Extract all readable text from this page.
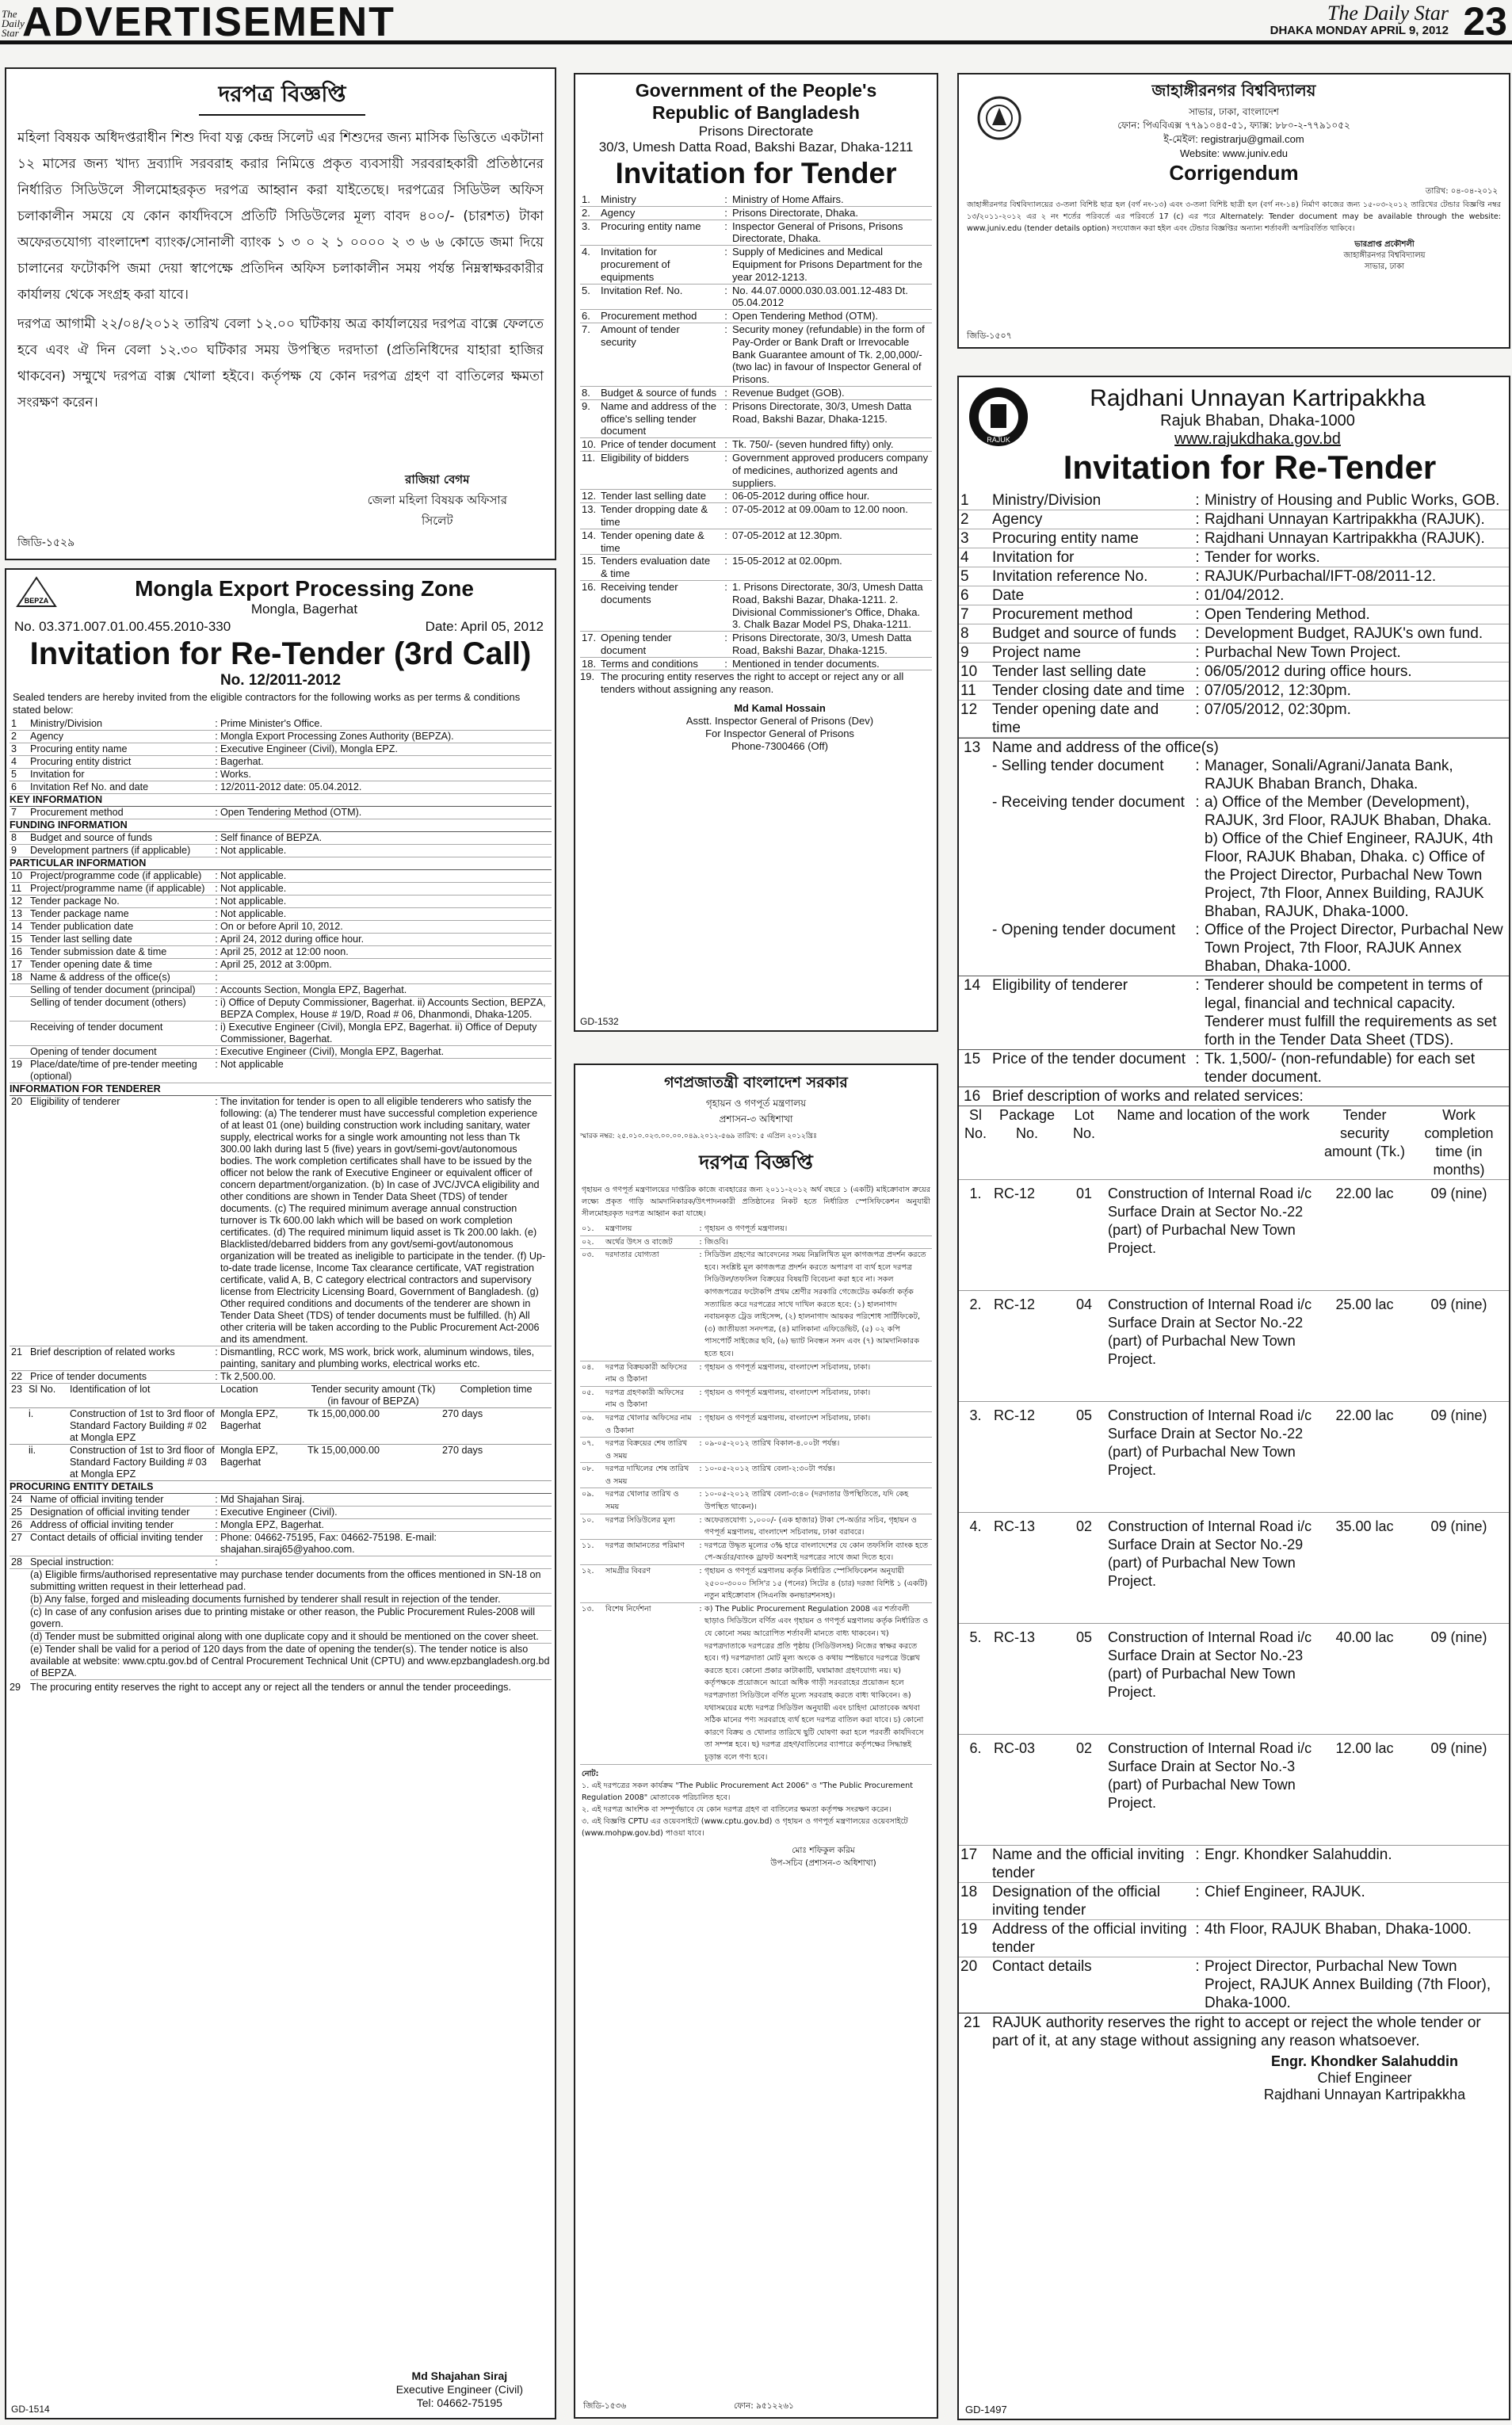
The Daily Star ADVERTISEMENT	The Daily Star
DHAKA MONDAY APRIL 9, 2012 23
দরপত্র বিজ্ঞপ্তি

মহিলা বিষয়ক অধিদপ্তরাধীন শিশু দিবা যত্ন কেন্দ্র সিলেট এর শিশুদের জন্য মাসিক ভিত্তিতে একটানা ১২ মাসের জন্য খাদ্য দ্রব্যাদি সরবরাহ করার নিমিত্তে প্রকৃত ব্যবসায়ী সরবরাহকারী প্রতিষ্ঠানের নির্ধারিত সিডিউলে সীলমোহরকৃত দরপত্র আহ্বান করা যাইতেছে। দরপত্রের সিডিউল অফিস চলাকালীন সময়ে যে কোন কার্যদিবসে প্রতিটি সিডিউলের মূল্য বাবদ ৪০০/- (চারশত) টাকা অফেরতযোগ্য বাংলাদেশ ব্যাংক/সোনালী ব্যাংক ১ ৩ ০ ২ ১ ০০০০ ২ ৩ ৬ ৬ কোডে জমা দিয়ে চালানের ফটোকপি জমা দেয়া স্বাপেক্ষে প্রতিদিন অফিস চলাকালীন সময় পর্যন্ত নিম্নস্বাক্ষরকারীর কার্যালয় থেকে সংগ্রহ করা যাবে।

দরপত্র আগামী ২২/০৪/২০১২ তারিখ বেলা ১২.০০ ঘটিকায় অত্র কার্যালয়ের দরপত্র বাক্সে ফেলতে হবে এবং ঐ দিন বেলা ১২.৩০ ঘটিকার সময় উপস্থিত দরদাতা (প্রতিনিধিদের যাহারা হাজির থাকবেন) সম্মুখে দরপত্র বাক্স খোলা হইবে। কর্তৃপক্ষ যে কোন দরপত্র গ্রহণ বা বাতিলের ক্ষমতা সংরক্ষণ করেন।

রাজিয়া বেগম
জেলা মহিলা বিষয়ক অফিসার
সিলেট
জিডি-১৫২৯
BEPZA	Mongla Export Processing Zone
Mongla, Bagerhat
No. 03.371.007.01.00.455.2010-330	Date: April 05, 2012
Invitation for Re-Tender (3rd Call)
No. 12/2011-2012
Sealed tenders are hereby invited from the eligible contractors for the following works as per terms & conditions stated below:
1	Ministry/Division	: Prime Minister's Office.
2	Agency	: Mongla Export Processing Zones Authority (BEPZA).
3	Procuring entity name	: Executive Engineer (Civil), Mongla EPZ.
4	Procuring entity district	: Bagerhat.
5	Invitation for	: Works.
6	Invitation Ref No. and date	: 12/2011-2012 date: 05.04.2012.
KEY INFORMATION
7	Procurement method	: Open Tendering Method (OTM).
FUNDING INFORMATION
8	Budget and source of funds	: Self finance of BEPZA.
9	Development partners (if applicable)	: Not applicable.
PARTICULAR INFORMATION
10 Project/programme code (if applicable)	: Not applicable.
11 Project/programme name (if applicable)	: Not applicable.
12 Tender package No.	: Not applicable.
13 Tender package name	: Not applicable.
14 Tender publication date	: On or before April 10, 2012.
15 Tender last selling date	: April 24, 2012 during office hour.
16 Tender submission date & time	: April 25, 2012 at 12:00 noon.
17 Tender opening date & time	: April 25, 2012 at 3:00pm.
18 Name & address of the office(s)	:
Selling of tender document (principal)	: Accounts Section, Mongla EPZ, Bagerhat.
Selling of tender document (others)	: i) Office of Deputy Commissioner, Bagerhat. ii) Accounts Section, BEPZA, BEPZA Complex, House # 19/D, Road # 06, Dhanmondi, Dhaka-1205.
Receiving of tender document	: i) Executive Engineer (Civil), Mongla EPZ, Bagerhat. ii) Office of Deputy Commissioner, Bagerhat.
Opening of tender document	: Executive Engineer (Civil), Mongla EPZ, Bagerhat.
19 Place/date/time of pre-tender meeting (optional)
: Not applicable
INFORMATION FOR TENDERER
20 Eligibility of tenderer	: The invitation for tender is open to all eligible tenderers who satisfy the following: (a) The tenderer must have successful completion experience of at least 01 (one) building construction work including sanitary, water supply, electrical works for a single work amounting not less than Tk 300.00 lakh during last 5 (five) years in govt/semi-govt/autonomous bodies. The work completion certificates shall have to be issued by the officer not below the rank of Executive Engineer or equivalent officer of concern department/organization. (b) In case of JVC/JVCA eligibility and other conditions are shown in Tender Data Sheet (TDS) of tender documents. (c) The required minimum average annual construction turnover is Tk 600.00 lakh which will be based on work completion certificates. (d) The required minimum liquid asset is Tk 200.00 lakh. (e) Blacklisted/debarred bidders from any govt/semi-govt/autonomous organization will be treated as ineligible to participate in the tender. (f) Up-to-date trade license, Income Tax clearance certificate, VAT registration certificate, valid A, B, C category electrical contractors and supervisory license from Electricity Licensing Board, Government of Bangladesh. (g) Other required conditions and documents of the tenderer are shown in Tender Data Sheet (TDS) of tender documents must be fulfilled. (h) All other criteria will be taken according to the Public Procurement Act-2006 and its amendment.
21 Brief description of related works	: Dismantling, RCC work, MS work, brick work, aluminum windows, tiles, painting, sanitary and plumbing works, electrical works etc.
22 Price of tender documents	: Tk 2,500.00.
23	Sl No.	Identification of lot	Location	Tender security amount (Tk) (in favour of BEPZA)	Completion time
	i.	Construction of 1st to 3rd floor of Standard Factory Building # 02 at Mongla EPZ	Mongla EPZ, Bagerhat	Tk 15,00,000.00	270 days
	ii.	Construction of 1st to 3rd floor of Standard Factory Building # 03 at Mongla EPZ	Mongla EPZ, Bagerhat	Tk 15,00,000.00	270 days
PROCURING ENTITY DETAILS
24 Name of official inviting tender	: Md Shajahan Siraj.
25 Designation of official inviting tender	: Executive Engineer (Civil).
26 Address of official inviting tender	: Mongla EPZ, Bagerhat.
27 Contact details of official inviting tender	: Phone: 04662-75195, Fax: 04662-75198. E-mail: shajahan.siraj65@yahoo.com.
28 Special instruction:	:
(a) Eligible firms/authorised representative may purchase tender documents from the offices mentioned in SN-18 on submitting written request in their letterhead pad.
(b) Any false, forged and misleading documents furnished by tenderer shall result in rejection of the tender.
(c) In case of any confusion arises due to printing mistake or other reason, the Public Procurement Rules-2008 will govern.
(d) Tender must be submitted original along with one duplicate copy and it should be mentioned on the cover sheet.
(e) Tender shall be valid for a period of 120 days from the date of opening the tender(s). The tender notice is also available at website: www.cptu.gov.bd of Central Procurement Technical Unit (CPTU) and www.epzbangladesh.org.bd of BEPZA.
29 The procuring entity reserves the right to accept any or reject all the tenders or annul the tender proceedings.
Md Shajahan Siraj
Executive Engineer (Civil)
Tel: 04662-75195
GD-1514
Government of the People's Republic of Bangladesh
Prisons Directorate
30/3, Umesh Datta Road, Bakshi Bazar, Dhaka-1211
Invitation for Tender
1.	Ministry	: Ministry of Home Affairs.
2.	Agency	: Prisons Directorate, Dhaka.
3.	Procuring entity name	: Inspector General of Prisons, Prisons Directorate, Dhaka.
4.	Invitation for procurement of equipments
: Supply of Medicines and Medical Equipment for Prisons Department for the year 2012-1213.
5.	Invitation Ref. No.	: No. 44.07.0000.030.03.001.12-483 Dt. 05.04.2012
6.	Procurement method	: Open Tendering Method (OTM).
7.	Amount of tender security
: Security money (refundable) in the form of Pay-Order or Bank Draft or Irrevocable Bank Guarantee amount of Tk. 2,00,000/- (two lac) in favour of Inspector General of Prisons.
8.	Budget & source of funds : Revenue Budget (GOB).
9.	Name and address of the office's selling tender document
: Prisons Directorate, 30/3, Umesh Datta Road, Bakshi Bazar, Dhaka-1215.
10. Price of tender document : Tk. 750/- (seven hundred fifty) only.
11. Eligibility of bidders	: Government approved producers company of medicines, authorized agents and suppliers.
12. Tender last selling date	: 06-05-2012 during office hour.
13. Tender dropping date & time
: 07-05-2012 at 09.00am to 12.00 noon.
14. Tender opening date & time
: 07-05-2012 at 12.30pm.
15. Tenders evaluation date & time
: 15-05-2012 at 02.00pm.
16. Receiving tender documents
: 1. Prisons Directorate, 30/3, Umesh Datta Road, Bakshi Bazar, Dhaka-1211. 2. Divisional Commissioner's Office, Dhaka. 3. Chalk Bazar Model PS, Dhaka-1211.
17. Opening tender document
: Prisons Directorate, 30/3, Umesh Datta Road, Bakshi Bazar, Dhaka-1215.
18. Terms and conditions	: Mentioned in tender documents.
19. The procuring entity reserves the right to accept or reject any or all tenders without assigning any reason.
Md Kamal Hossain
Asstt. Inspector General of Prisons (Dev)
For Inspector General of Prisons
Phone-7300466 (Off)
GD-1532
গণপ্রজাতন্ত্রী বাংলাদেশ সরকার
গৃহায়ন ও গণপূর্ত মন্ত্রণালয়
প্রশাসন-৩ অধিশাখা
স্মারক নম্বর: ২৫.০১০.০২৩.০০.০০.০৪৯.২০১২-৫৬৯ তারিখ: ৫ এপ্রিল ২০১২খ্রিঃ
দরপত্র বিজ্ঞপ্তি
গৃহায়ন ও গণপূর্ত মন্ত্রণালয়ের দাপ্তরিক কাজে ব্যবহারের জন্য ২০১১-২০১২ অর্থ বছরে ১ (একটি) মাইক্রোবাস ক্রয়ের লক্ষ্যে প্রকৃত গাড়ি আমদানিকারক/উৎপাদনকারী প্রতিষ্ঠানের নিকট হতে নির্ধারিত স্পেসিফিকেশন অনুযায়ী সীলমোহরকৃত দরপত্র আহ্বান করা যাচ্ছে।
০১.	মন্ত্রণালয়	: গৃহায়ন ও গণপূর্ত মন্ত্রণালয়।
০২.	অর্থের উৎস ও বাজেট	: জিওবি।
০৩.	দরদাতার যোগ্যতা	: সিডিউল গ্রহণের আবেদনের সময় নিম্নলিখিত মূল কাগজপত্র প্রদর্শন করতে হবে। সংশ্লিষ্ট মূল কাগজপত্র প্রদর্শন করতে অপারগ বা ব্যর্থ হলে দরপত্র সিডিউল/তফসিল বিক্রয়ের বিষয়টি বিবেচনা করা হবে না। সকল কাগজপত্রের ফটোকপি প্রথম শ্রেণীর সরকারি গেজেটেড কর্মকর্তা কর্তৃক সত্যায়িত করে দরপত্রের সাথে দাখিল করতে হবে: (১) হালনাগাদ নবায়নকৃত ট্রেড লাইসেন্স, (২) হালনাগাদ আয়কর পরিশোধ সার্টিফিকেট, (৩) জাতীয়তা সনদপত্র, (৪) মালিকানা এফিডেভিট, (৫) ০২ কপি পাসপোর্ট সাইজের ছবি, (৬) ভ্যাট নিবন্ধন সনদ এবং (৭) আমদানিকারক হতে হবে।
০৪.	দরপত্র বিক্রয়কারী অফিসের নাম ও ঠিকানা
: গৃহায়ন ও গণপূর্ত মন্ত্রণালয়, বাংলাদেশ সচিবালয়, ঢাকা।
০৫.	দরপত্র গ্রহণকারী অফিসের নাম ও ঠিকানা
: গৃহায়ন ও গণপূর্ত মন্ত্রণালয়, বাংলাদেশ সচিবালয়, ঢাকা।
০৬.	দরপত্র খোলার অফিসের নাম ও ঠিকানা
: গৃহায়ন ও গণপূর্ত মন্ত্রণালয়, বাংলাদেশ সচিবালয়, ঢাকা।
০৭.	দরপত্র বিক্রয়ের শেষ তারিখ ও সময়
: ০৯-০৫-২০১২ তারিখ বিকাল-৪.০০টা পর্যন্ত।
০৮.	দরপত্র দাখিলের শেষ তারিখ ও সময়
: ১০-০৫-২০১২ তারিখ বেলা-২:৩০টা পর্যন্ত।
০৯.	দরপত্র খোলার তারিখ ও সময়
: ১০-০৫-২০১২ তারিখ বেলা-৩:৪০ (দরদাতার উপস্থিতিতে, যদি কেহ উপস্থিত থাকেন)।
১০.	দরপত্র সিডিউলের মূল্য	: অফেরতযোগ্য ১,০০০/- (এক হাজার) টাকা পে-অর্ডার সচিব, গৃহায়ন ও গণপূর্ত মন্ত্রণালয়, বাংলাদেশ সচিবালয়, ঢাকা বরাবরে।
১১.	দরপত্র জামানতের পরিমাণ	: দরপত্রে উদ্ধৃত মূল্যের ৩% হারে বাংলাদেশের যে কোন তফসিলি ব্যাংক হতে পে-অর্ডার/ব্যাংক ড্রাফট অবশ্যই দরপত্রের সাথে জমা দিতে হবে।
১২.	সামগ্রীর বিবরণ	: গৃহায়ন ও গণপূর্ত মন্ত্রণালয় কর্তৃক নির্ধারিত স্পেসিফিকেশন অনুযায়ী ২৫০০-৩০০০ সিসি'র ১৫ (পনের) সিটের ৪ (চার) দরজা বিশিষ্ট ১ (একটি) নতুন মাইক্রোবাস (সিএনজি কনভারশনসহ)।
১৩.	বিশেষ নির্দেশনা	: ক) The Public Procurement Regulation 2008 এর শর্তাবলী ছাড়াও সিডিউলে বর্ণিত এবং গৃহায়ন ও গণপূর্ত মন্ত্রণালয় কর্তৃক নির্ধারিত ও যে কোনো সময় আরোপিত শর্তাবলী মানতে বাধ্য থাকবেন। খ) দরপত্রদাতাকে দরপত্রের প্রতি পৃষ্ঠায় (সিডিউলসহ) নিজের স্বাক্ষর করতে হবে। গ) দরপত্রদাতা মোট মূল্য অংকে ও কথায় স্পষ্টভাবে দরপত্রে উল্লেখ করতে হবে। কোনো প্রকার কাটাকাটি, ঘষামাজা গ্রহণযোগ্য নয়। ঘ) কর্তৃপক্ষকে প্রয়োজনে আরো অধিক গাড়ী সরবরাহের প্রয়োজন হলে দরপত্রদাতা সিডিউলে বর্ণিত মূল্যে সরবরাহ করতে বাধ্য থাকিবেন। ঙ) যথাসময়ের মধ্যে দরপত্র সিডিউল অনুযায়ী এবং চাহিদা মোতাবেক অথবা সঠিক মানের পণ্য সরবরাহে ব্যর্থ হলে দরপত্র বাতিল করা যাবে। চ) কোনো কারণে বিক্রয় ও খোলার তারিখে ছুটি ঘোষণা করা হলে পরবর্তী কার্যদিবসে তা সম্পন্ন হবে। ছ) দরপত্র গ্রহণ/বাতিলের ব্যাপারে কর্তৃপক্ষের সিদ্ধান্তই চূড়ান্ত বলে গণ্য হবে।
নোট:
১. এই দরপত্রের সকল কার্যক্রম "The Public Procurement Act 2006" ও "The Public Procurement Regulation 2008" মোতাবেক পরিচালিত হবে।
২. এই দরপত্র আংশিক বা সম্পূর্ণভাবে যে কোন দরপত্র গ্রহণ বা বাতিলের ক্ষমতা কর্তৃপক্ষ সংরক্ষণ করেন।
৩. এই বিজ্ঞপ্তি CPTU এর ওয়েবসাইটে (www.cptu.gov.bd) ও গৃহায়ন ও গণপূর্ত মন্ত্রণালয়ের ওয়েবসাইটে (www.mohpw.gov.bd) পাওয়া যাবে।
মোঃ শফিকুল করিম
উপ-সচিব (প্রশাসন-৩ অধিশাখা)
জিডি-১৫৩৬	ফোন: ৯৫১২২৬১
জাহাঙ্গীরনগর বিশ্ববিদ্যালয়
সাভার, ঢাকা, বাংলাদেশ
ফোন: পিএবিএক্স ৭৭৯১০৪৫-৫১, ফ্যাক্স: ৮৮০-২-৭৭৯১০৫২
ই-মেইল: registrarju@gmail.com
Website: www.juniv.edu
Corrigendum
তারিখ: ০৪-০৪-২০১২
জাহাঙ্গীরনগর বিশ্ববিদ্যালয়ের ৩-তলা বিশিষ্ট ছাত্র হল (বর্গ নং-১৩) এবং ৩-তলা বিশিষ্ট ছাত্রী হল (বর্গ নং-১৪) নির্মাণ কাজের জন্য ১৫-০৩-২০১২ তারিখের টেন্ডার বিজ্ঞপ্তি নম্বর ১৩/২০১১-২০১২ এর ২ নং শর্তের পরিবর্তে এর পরিবর্তে 17 (c) এর পরে Alternately: Tender document may be available through the website: www.juniv.edu (tender details option) সংযোজন করা হইল এবং টেন্ডার বিজ্ঞপ্তির অন্যান্য শর্তাবলী অপরিবর্তিত থাকিবে।
ভারপ্রাপ্ত প্রকৌশলী
জাহাঙ্গীরনগর বিশ্ববিদ্যালয়
সাভার, ঢাকা
জিডি-১৫০৭
RAJUK
Rajdhani Unnayan Kartripakkha
Rajuk Bhaban, Dhaka-1000
www.rajukdhaka.gov.bd
Invitation for Re-Tender
1	Ministry/Division	: Ministry of Housing and Public Works, GOB.
2	Agency	: Rajdhani Unnayan Kartripakkha (RAJUK).
3	Procuring entity name	: Rajdhani Unnayan Kartripakkha (RAJUK).
4	Invitation for	: Tender for works.
5	Invitation reference No.	: RAJUK/Purbachal/IFT-08/2011-12.
6	Date	: 01/04/2012.
7	Procurement method	: Open Tendering Method.
8	Budget and source of funds	: Development Budget, RAJUK's own fund.
9	Project name	: Purbachal New Town Project.
10 Tender last selling date	: 06/05/2012 during office hours.
11	Tender closing date and time : 07/05/2012, 12:30pm.
12 Tender opening date and time
: 07/05/2012, 02:30pm.
13 Name and address of the office(s)
- Selling tender document	: Manager, Sonali/Agrani/Janata Bank, RAJUK Bhaban Branch, Dhaka.
- Receiving tender document : a) Office of the Member (Development), RAJUK, 3rd Floor, RAJUK Bhaban, Dhaka. b) Office of the Chief Engineer, RAJUK, 4th Floor, RAJUK Bhaban, Dhaka. c) Office of the Project Director, Purbachal New Town Project, 7th Floor, Annex Building, RAJUK Bhaban, RAJUK, Dhaka-1000.
- Opening tender document	: Office of the Project Director, Purbachal New Town Project, 7th Floor, RAJUK Annex Bhaban, Dhaka-1000.
14 Eligibility of tenderer	: Tenderer should be competent in terms of legal, financial and technical capacity. Tenderer must fulfill the requirements as set forth in the Tender Data Sheet (TDS).
15 Price of the tender document : Tk. 1,500/- (non-refundable) for each set tender document.
16 Brief description of works and related services:
Sl No.	Package No.	Lot No.	Name and location of the work	Tender security amount (Tk.)	Work completion time (in months)
1.	RC-12	01	Construction of Internal Road i/c Surface Drain at Sector No.-22 (part) of Purbachal New Town Project.	22.00 lac	09 (nine)
2.	RC-12	04	Construction of Internal Road i/c Surface Drain at Sector No.-22 (part) of Purbachal New Town Project.	25.00 lac	09 (nine)
3.	RC-12	05	Construction of Internal Road i/c Surface Drain at Sector No.-22 (part) of Purbachal New Town Project.	22.00 lac	09 (nine)
4.	RC-13	02	Construction of Internal Road i/c Surface Drain at Sector No.-29 (part) of Purbachal New Town Project.	35.00 lac	09 (nine)
5.	RC-13	05	Construction of Internal Road i/c Surface Drain at Sector No.-23 (part) of Purbachal New Town Project.	40.00 lac	09 (nine)
6.	RC-03	02	Construction of Internal Road i/c Surface Drain at Sector No.-3 (part) of Purbachal New Town Project.	12.00 lac	09 (nine)
17 Name and the official inviting tender
: Engr. Khondker Salahuddin.
18 Designation of the official inviting tender
: Chief Engineer, RAJUK.
19 Address of the official inviting tender
: 4th Floor, RAJUK Bhaban, Dhaka-1000.
20 Contact details	: Project Director, Purbachal New Town Project, RAJUK Annex Building (7th Floor), Dhaka-1000.
21 RAJUK authority reserves the right to accept or reject the whole tender or part of it, at any stage without assigning any reason whatsoever.
Engr. Khondker Salahuddin
Chief Engineer
Rajdhani Unnayan Kartripakkha
GD-1497
